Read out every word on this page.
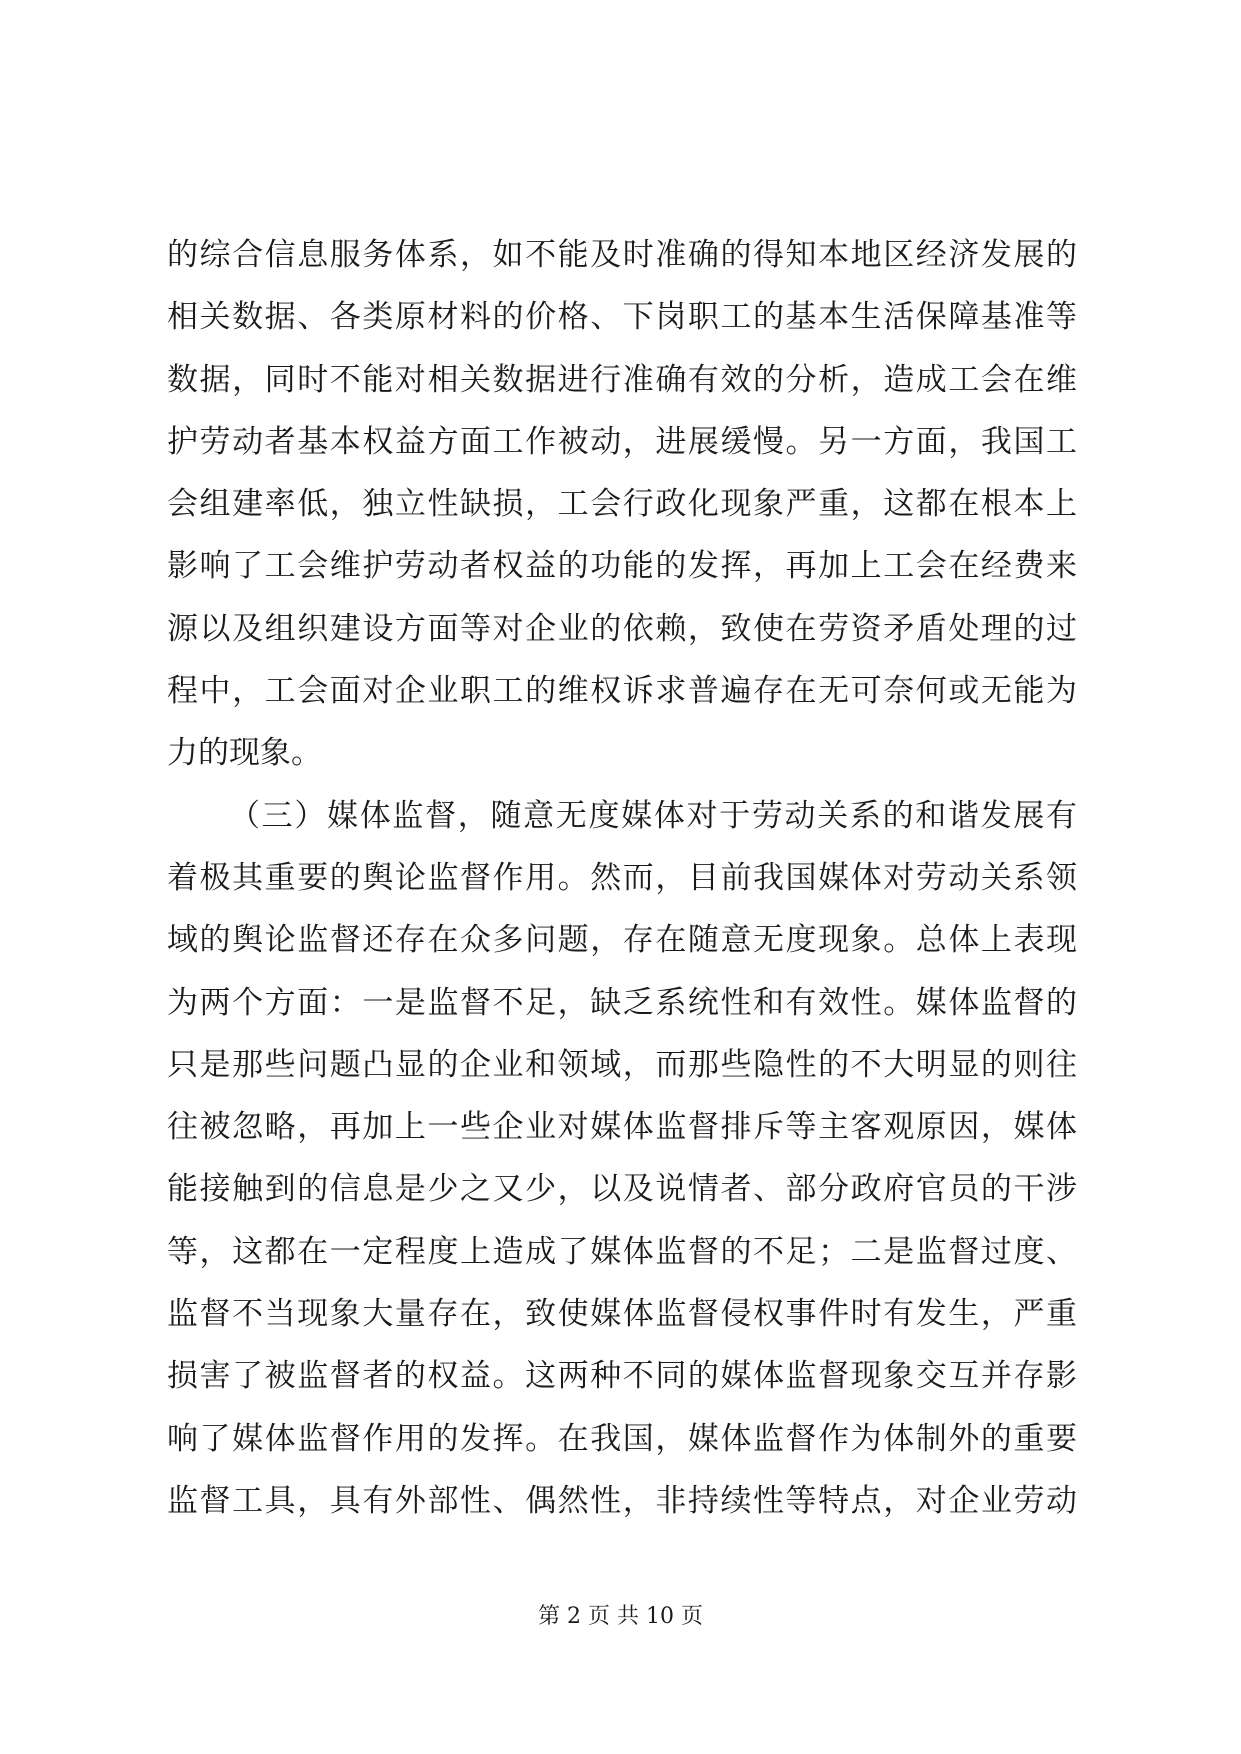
的综合信息服务体系，如不能及时准确的得知本地区经济发展的
相关数据、各类原材料的价格、下岗职工的基本生活保障基准等
数据，同时不能对相关数据进行准确有效的分析，造成工会在维
护劳动者基本权益方面工作被动，进展缓慢。另一方面，我国工
会组建率低，独立性缺损，工会行政化现象严重，这都在根本上
影响了工会维护劳动者权益的功能的发挥，再加上工会在经费来
源以及组织建设方面等对企业的依赖，致使在劳资矛盾处理的过
程中，工会面对企业职工的维权诉求普遍存在无可奈何或无能为
力的现象。
（三）媒体监督，随意无度媒体对于劳动关系的和谐发展有
着极其重要的舆论监督作用。然而，目前我国媒体对劳动关系领
域的舆论监督还存在众多问题，存在随意无度现象。总体上表现
为两个方面：一是监督不足，缺乏系统性和有效性。媒体监督的
只是那些问题凸显的企业和领域，而那些隐性的不大明显的则往
往被忽略，再加上一些企业对媒体监督排斥等主客观原因，媒体
能接触到的信息是少之又少，以及说情者、部分政府官员的干涉
等，这都在一定程度上造成了媒体监督的不足；二是监督过度、
监督不当现象大量存在，致使媒体监督侵权事件时有发生，严重
损害了被监督者的权益。这两种不同的媒体监督现象交互并存影
响了媒体监督作用的发挥。在我国，媒体监督作为体制外的重要
监督工具，具有外部性、偶然性，非持续性等特点，对企业劳动
第 2 页 共 10 页
